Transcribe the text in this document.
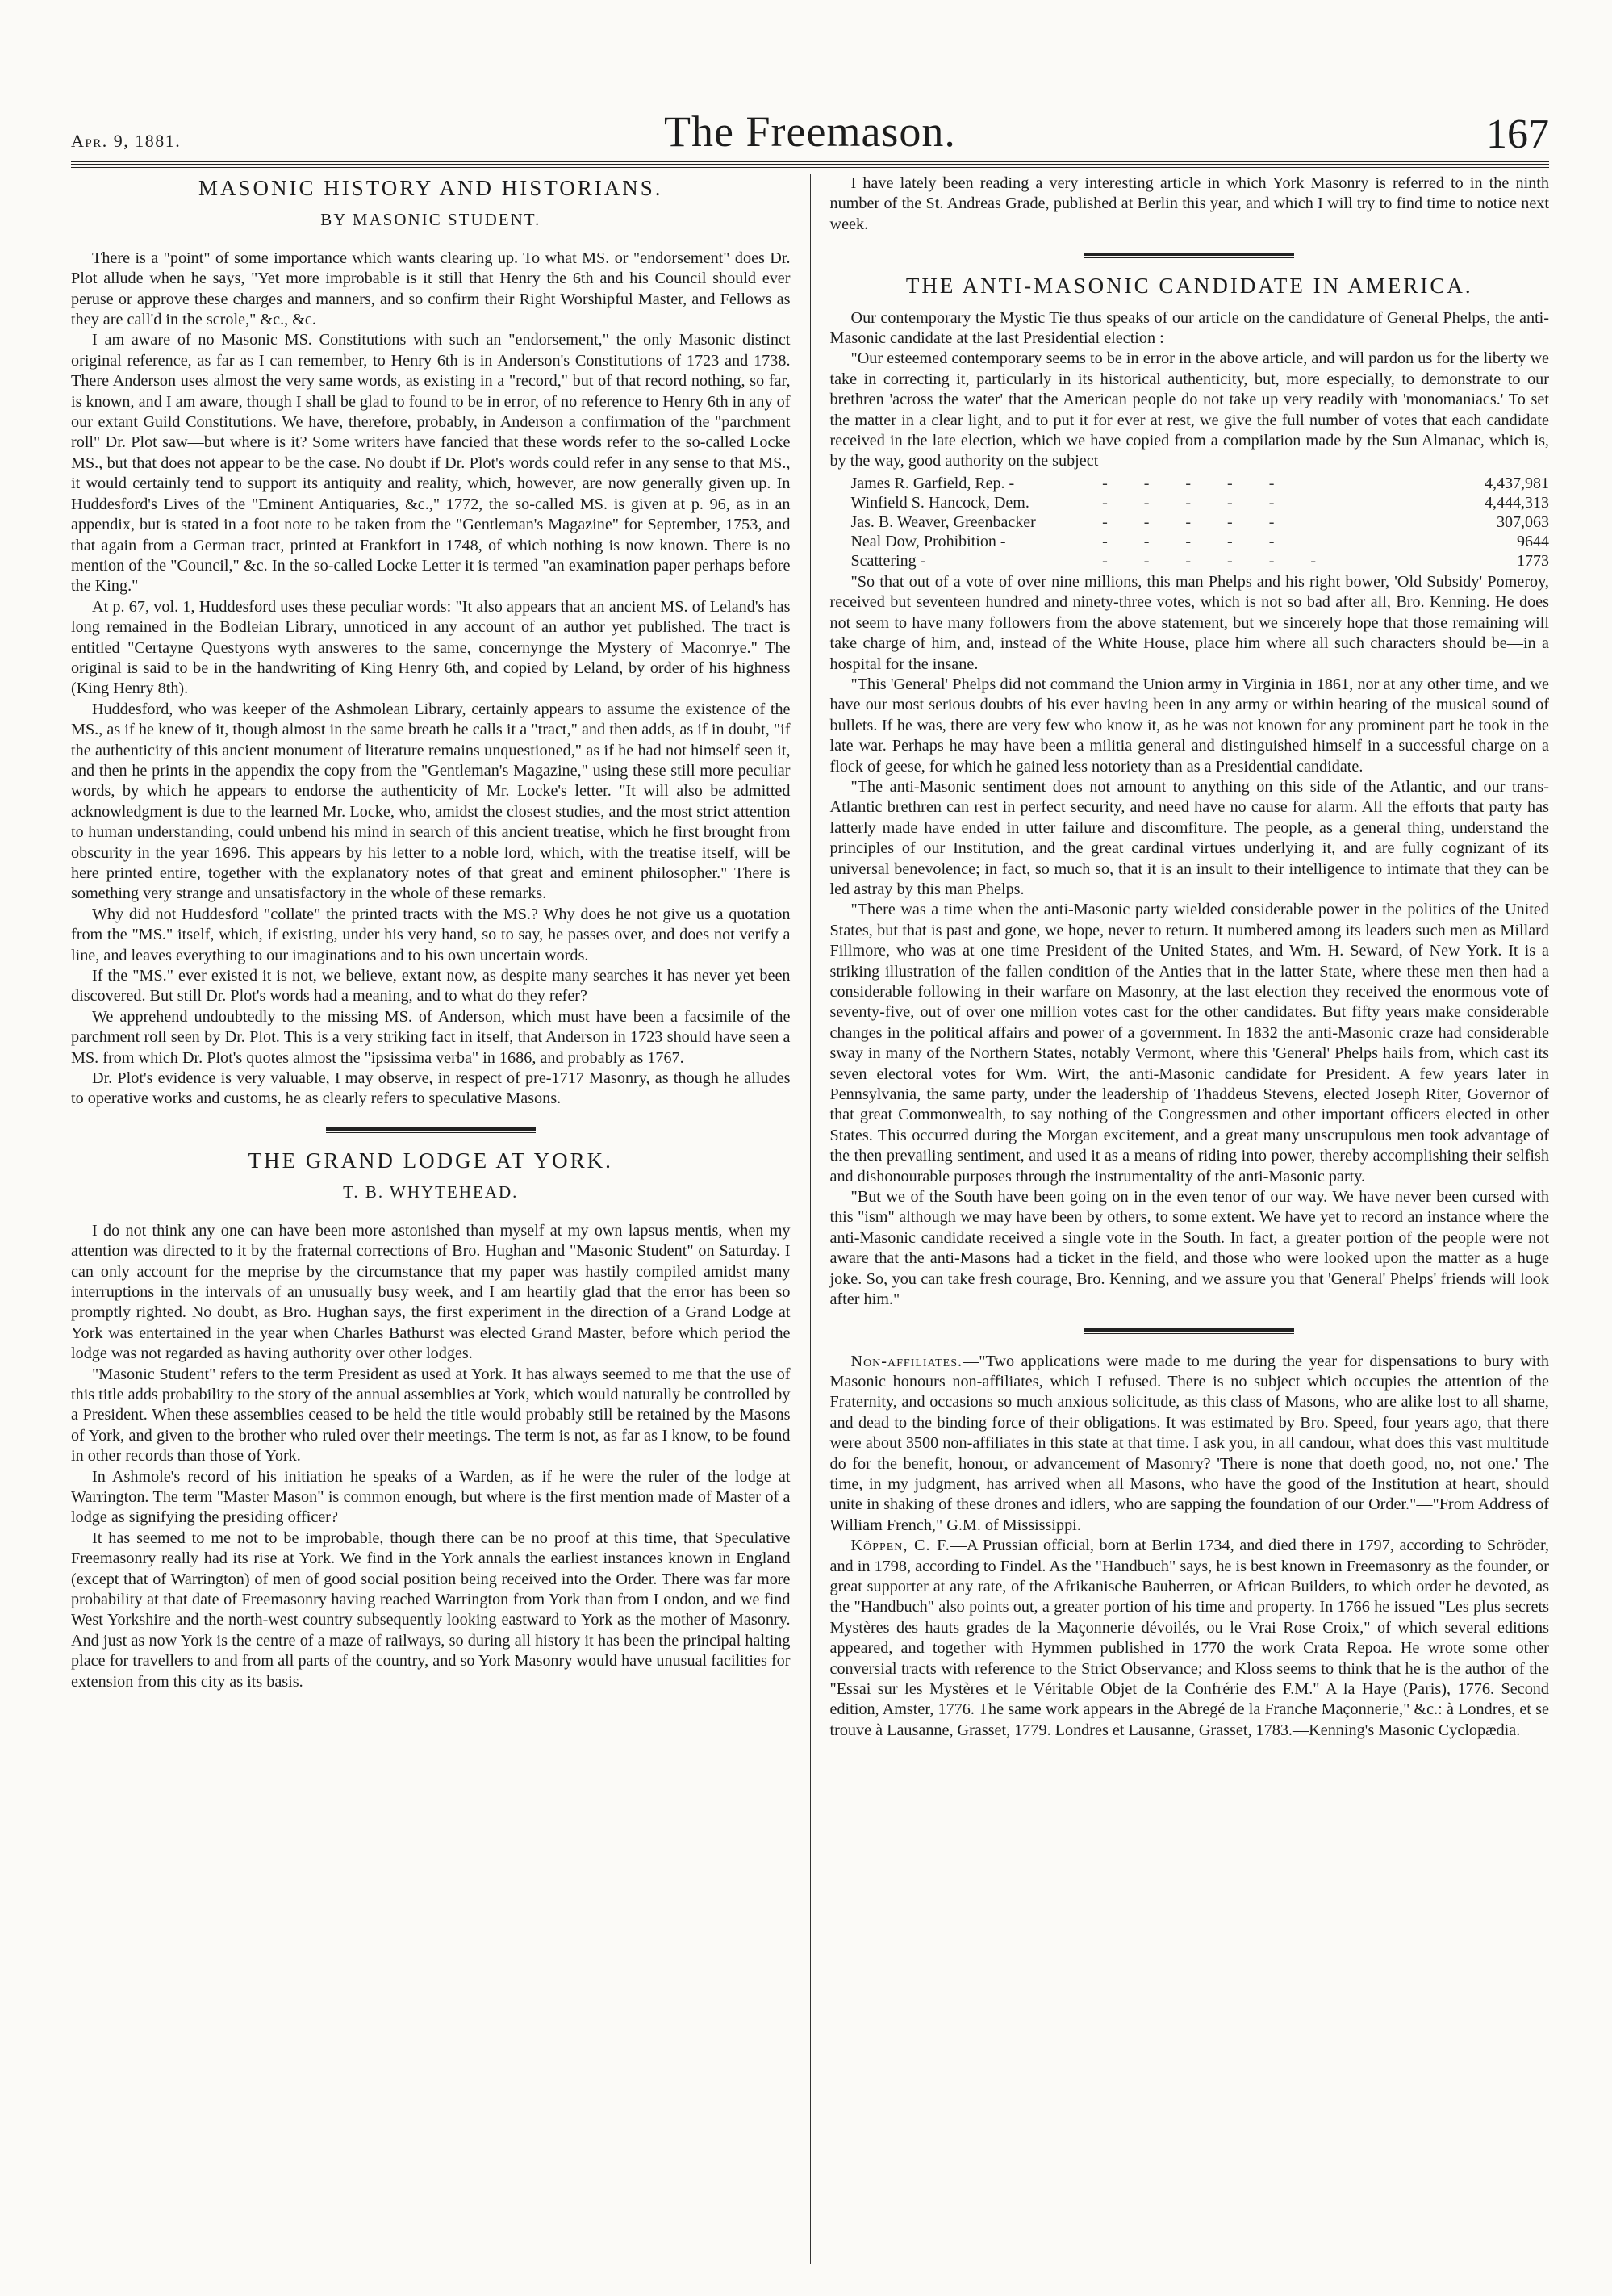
Apr. 9, 1881.	The Freemason.	167
MASONIC HISTORY AND HISTORIANS.
BY MASONIC STUDENT.

There is a "point" of some importance which wants clearing up. To what MS. or "endorsement" does Dr. Plot allude when he says, "Yet more improbable is it still that Henry the 6th and his Council should ever peruse or approve these charges and manners, and so confirm their Right Worshipful Master, and Fellows as they are call'd in the scrole," &c., &c.

I am aware of no Masonic MS. Constitutions with such an "endorsement," the only Masonic distinct original reference, as far as I can remember, to Henry 6th is in Anderson's Constitutions of 1723 and 1738. There Anderson uses almost the very same words, as existing in a "record," but of that record nothing, so far, is known, and I am aware, though I shall be glad to found to be in error, of no reference to Henry 6th in any of our extant Guild Constitutions. We have, therefore, probably, in Anderson a confirmation of the "parchment roll" Dr. Plot saw—but where is it? Some writers have fancied that these words refer to the so-called Locke MS., but that does not appear to be the case. No doubt if Dr. Plot's words could refer in any sense to that MS., it would certainly tend to support its antiquity and reality, which, however, are now generally given up. In Huddesford's Lives of the "Eminent Antiquaries, &c.," 1772, the so-called MS. is given at p. 96, as in an appendix, but is stated in a foot note to be taken from the "Gentleman's Magazine" for September, 1753, and that again from a German tract, printed at Frankfort in 1748, of which nothing is now known. There is no mention of the "Council," &c. In the so-called Locke Letter it is termed "an examination paper perhaps before the King."

At p. 67, vol. 1, Huddesford uses these peculiar words: "It also appears that an ancient MS. of Leland's has long remained in the Bodleian Library, unnoticed in any account of an author yet published. The tract is entitled "Certayne Questyons wyth answeres to the same, concernynge the Mystery of Maconrye." The original is said to be in the handwriting of King Henry 6th, and copied by Leland, by order of his highness (King Henry 8th).

Huddesford, who was keeper of the Ashmolean Library, certainly appears to assume the existence of the MS., as if he knew of it, though almost in the same breath he calls it a "tract," and then adds, as if in doubt, "if the authenticity of this ancient monument of literature remains unquestioned," as if he had not himself seen it, and then he prints in the appendix the copy from the "Gentleman's Magazine," using these still more peculiar words, by which he appears to endorse the authenticity of Mr. Locke's letter. "It will also be admitted acknowledgment is due to the learned Mr. Locke, who, amidst the closest studies, and the most strict attention to human understanding, could unbend his mind in search of this ancient treatise, which he first brought from obscurity in the year 1696. This appears by his letter to a noble lord, which, with the treatise itself, will be here printed entire, together with the explanatory notes of that great and eminent philosopher." There is something very strange and unsatisfactory in the whole of these remarks.

Why did not Huddesford "collate" the printed tracts with the MS.? Why does he not give us a quotation from the "MS." itself, which, if existing, under his very hand, so to say, he passes over, and does not verify a line, and leaves everything to our imaginations and to his own uncertain words.

If the "MS." ever existed it is not, we believe, extant now, as despite many searches it has never yet been discovered. But still Dr. Plot's words had a meaning, and to what do they refer?

We apprehend undoubtedly to the missing MS. of Anderson, which must have been a facsimile of the parchment roll seen by Dr. Plot. This is a very striking fact in itself, that Anderson in 1723 should have seen a MS. from which Dr. Plot's quotes almost the "ipsissima verba" in 1686, and probably as 1767.

Dr. Plot's evidence is very valuable, I may observe, in respect of pre-1717 Masonry, as though he alludes to operative works and customs, he as clearly refers to speculative Masons.

THE GRAND LODGE AT YORK.
T. B. WHYTEHEAD.

I do not think any one can have been more astonished than myself at my own lapsus mentis, when my attention was directed to it by the fraternal corrections of Bro. Hughan and "Masonic Student" on Saturday. I can only account for the meprise by the circumstance that my paper was hastily compiled amidst many interruptions in the intervals of an unusually busy week, and I am heartily glad that the error has been so promptly righted. No doubt, as Bro. Hughan says, the first experiment in the direction of a Grand Lodge at York was entertained in the year when Charles Bathurst was elected Grand Master, before which period the lodge was not regarded as having authority over other lodges.

"Masonic Student" refers to the term President as used at York. It has always seemed to me that the use of this title adds probability to the story of the annual assemblies at York, which would naturally be controlled by a President. When these assemblies ceased to be held the title would probably still be retained by the Masons of York, and given to the brother who ruled over their meetings. The term is not, as far as I know, to be found in other records than those of York.

In Ashmole's record of his initiation he speaks of a Warden, as if he were the ruler of the lodge at Warrington. The term "Master Mason" is common enough, but where is the first mention made of Master of a lodge as signifying the presiding officer?

It has seemed to me not to be improbable, though there can be no proof at this time, that Speculative Freemasonry really had its rise at York. We find in the York annals the earliest instances known in England (except that of Warrington) of men of good social position being received into the Order. There was far more probability at that date of Freemasonry having reached Warrington from York than from London, and we find West Yorkshire and the north-west country subsequently looking eastward to York as the mother of Masonry. And just as now York is the centre of a maze of railways, so during all history it has been the principal halting place for travellers to and from all parts of the country, and so York Masonry would have unusual facilities for extension from this city as its basis.

I have lately been reading a very interesting article in which York Masonry is referred to in the ninth number of the St. Andreas Grade, published at Berlin this year, and which I will try to find time to notice next week.

THE ANTI-MASONIC CANDIDATE IN AMERICA.

Our contemporary the Mystic Tie thus speaks of our article on the candidature of General Phelps, the anti-Masonic candidate at the last Presidential election :

"Our esteemed contemporary seems to be in error in the above article, and will pardon us for the liberty we take in correcting it, particularly in its historical authenticity, but, more especially, to demonstrate to our brethren 'across the water' that the American people do not take up very readily with 'monomaniacs.' To set the matter in a clear light, and to put it for ever at rest, we give the full number of votes that each candidate received in the late election, which we have copied from a compilation made by the Sun Almanac, which is, by the way, good authority on the subject—

James R. Garfield, Rep. -	- - - - -	4,437,981
Winfield S. Hancock, Dem.	- - - - -	4,444,313
Jas. B. Weaver, Greenbacker	- - - - -	307,063
Neal Dow, Prohibition -	- - - - -	9644
Scattering -	- - - - - -	1773

"So that out of a vote of over nine millions, this man Phelps and his right bower, 'Old Subsidy' Pomeroy, received but seventeen hundred and ninety-three votes, which is not so bad after all, Bro. Kenning. He does not seem to have many followers from the above statement, but we sincerely hope that those remaining will take charge of him, and, instead of the White House, place him where all such characters should be—in a hospital for the insane.

"This 'General' Phelps did not command the Union army in Virginia in 1861, nor at any other time, and we have our most serious doubts of his ever having been in any army or within hearing of the musical sound of bullets. If he was, there are very few who know it, as he was not known for any prominent part he took in the late war. Perhaps he may have been a militia general and distinguished himself in a successful charge on a flock of geese, for which he gained less notoriety than as a Presidential candidate.

"The anti-Masonic sentiment does not amount to anything on this side of the Atlantic, and our trans-Atlantic brethren can rest in perfect security, and need have no cause for alarm. All the efforts that party has latterly made have ended in utter failure and discomfiture. The people, as a general thing, understand the principles of our Institution, and the great cardinal virtues underlying it, and are fully cognizant of its universal benevolence; in fact, so much so, that it is an insult to their intelligence to intimate that they can be led astray by this man Phelps.

"There was a time when the anti-Masonic party wielded considerable power in the politics of the United States, but that is past and gone, we hope, never to return. It numbered among its leaders such men as Millard Fillmore, who was at one time President of the United States, and Wm. H. Seward, of New York. It is a striking illustration of the fallen condition of the Anties that in the latter State, where these men then had a considerable following in their warfare on Masonry, at the last election they received the enormous vote of seventy-five, out of over one million votes cast for the other candidates. But fifty years make considerable changes in the political affairs and power of a government. In 1832 the anti-Masonic craze had considerable sway in many of the Northern States, notably Vermont, where this 'General' Phelps hails from, which cast its seven electoral votes for Wm. Wirt, the anti-Masonic candidate for President. A few years later in Pennsylvania, the same party, under the leadership of Thaddeus Stevens, elected Joseph Riter, Governor of that great Commonwealth, to say nothing of the Congressmen and other important officers elected in other States. This occurred during the Morgan excitement, and a great many unscrupulous men took advantage of the then prevailing sentiment, and used it as a means of riding into power, thereby accomplishing their selfish and dishonourable purposes through the instrumentality of the anti-Masonic party.

"But we of the South have been going on in the even tenor of our way. We have never been cursed with this "ism" although we may have been by others, to some extent. We have yet to record an instance where the anti-Masonic candidate received a single vote in the South. In fact, a greater portion of the people were not aware that the anti-Masons had a ticket in the field, and those who were looked upon the matter as a huge joke. So, you can take fresh courage, Bro. Kenning, and we assure you that 'General' Phelps' friends will look after him."

Non-affiliates.—"Two applications were made to me during the year for dispensations to bury with Masonic honours non-affiliates, which I refused. There is no subject which occupies the attention of the Fraternity, and occasions so much anxious solicitude, as this class of Masons, who are alike lost to all shame, and dead to the binding force of their obligations. It was estimated by Bro. Speed, four years ago, that there were about 3500 non-affiliates in this state at that time. I ask you, in all candour, what does this vast multitude do for the benefit, honour, or advancement of Masonry? 'There is none that doeth good, no, not one.' The time, in my judgment, has arrived when all Masons, who have the good of the Institution at heart, should unite in shaking of these drones and idlers, who are sapping the foundation of our Order."—"From Address of William French," G.M. of Mississippi.

Köppen, C. F.—A Prussian official, born at Berlin 1734, and died there in 1797, according to Schröder, and in 1798, according to Findel. As the "Handbuch" says, he is best known in Freemasonry as the founder, or great supporter at any rate, of the Afrikanische Bauherren, or African Builders, to which order he devoted, as the "Handbuch" also points out, a greater portion of his time and property. In 1766 he issued "Les plus secrets Mystères des hauts grades de la Maçonnerie dévoilés, ou le Vrai Rose Croix," of which several editions appeared, and together with Hymmen published in 1770 the work Crata Repoa. He wrote some other conversial tracts with reference to the Strict Observance; and Kloss seems to think that he is the author of the "Essai sur les Mystères et le Véritable Objet de la Confrérie des F.M." A la Haye (Paris), 1776. Second edition, Amster, 1776. The same work appears in the Abregé de la Franche Maçonnerie," &c.: à Londres, et se trouve à Lausanne, Grasset, 1779. Londres et Lausanne, Grasset, 1783.—Kenning's Masonic Cyclopædia.
